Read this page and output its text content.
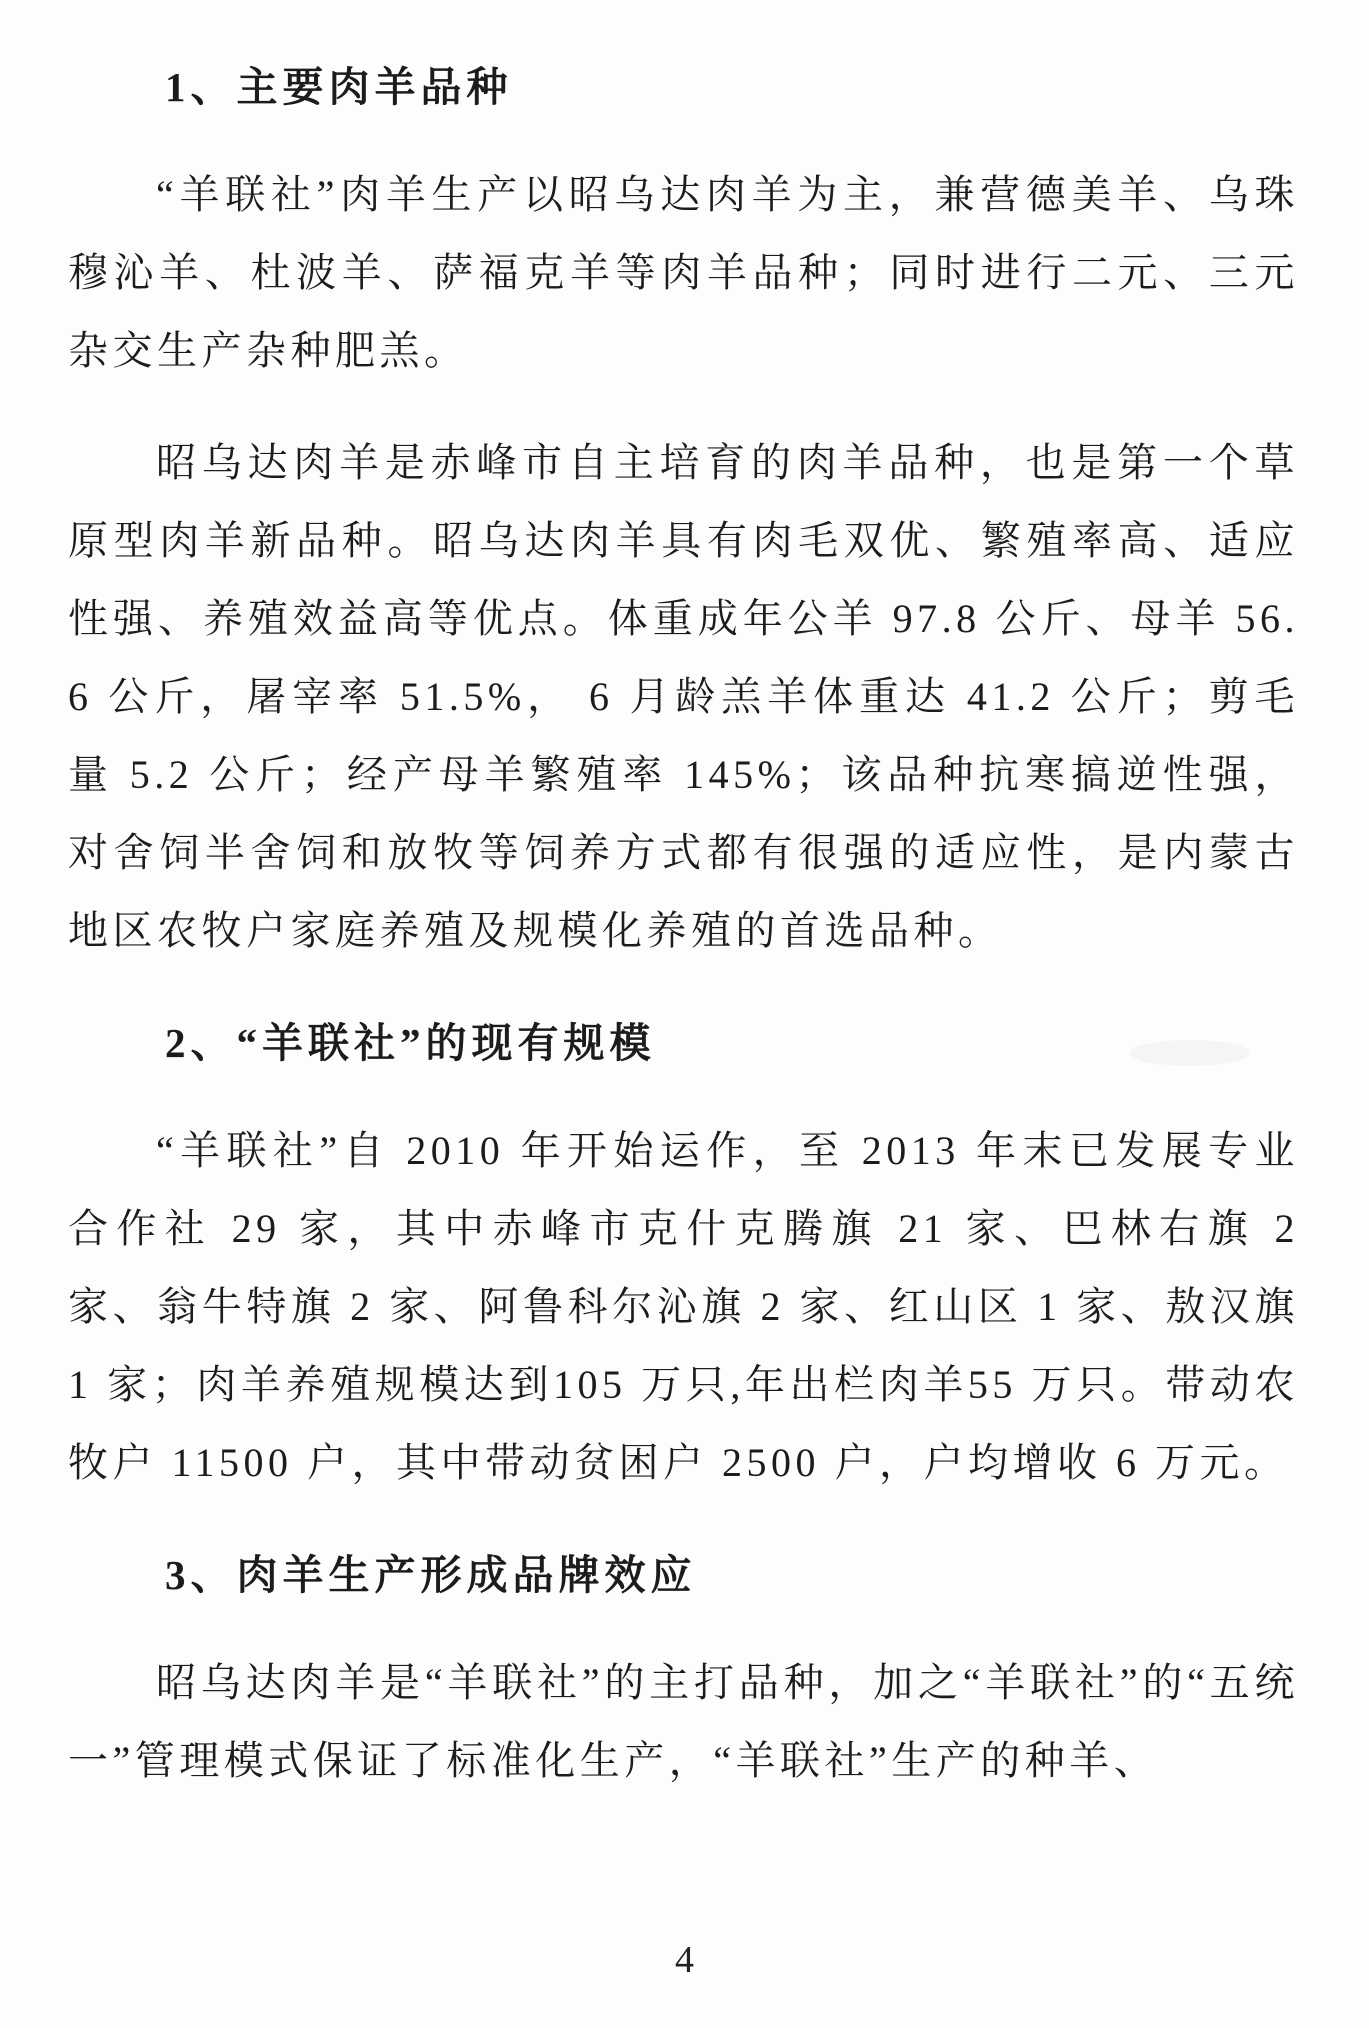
1、主要肉羊品种

“羊联社”肉羊生产以昭乌达肉羊为主，兼营德美羊、乌珠穆沁羊、杜波羊、萨福克羊等肉羊品种；同时进行二元、三元杂交生产杂种肥羔。

昭乌达肉羊是赤峰市自主培育的肉羊品种，也是第一个草原型肉羊新品种。昭乌达肉羊具有肉毛双优、繁殖率高、适应性强、养殖效益高等优点。体重成年公羊 97.8 公斤、母羊 56.6 公斤，屠宰率 51.5%， 6 月龄羔羊体重达 41.2 公斤；剪毛量 5.2 公斤；经产母羊繁殖率 145%；该品种抗寒搞逆性强，对舍饲半舍饲和放牧等饲养方式都有很强的适应性，是内蒙古地区农牧户家庭养殖及规模化养殖的首选品种。

2、“羊联社”的现有规模

“羊联社”自 2010 年开始运作，至 2013 年末已发展专业合作社 29 家，其中赤峰市克什克腾旗 21 家、巴林右旗 2 家、翁牛特旗 2 家、阿鲁科尔沁旗 2 家、红山区 1 家、敖汉旗 1 家；肉羊养殖规模达到105 万只,年出栏肉羊55 万只。带动农牧户 11500 户，其中带动贫困户 2500 户，户均增收 6 万元。

3、肉羊生产形成品牌效应

昭乌达肉羊是“羊联社”的主打品种，加之“羊联社”的“五统一”管理模式保证了标准化生产，“羊联社”生产的种羊、

4
